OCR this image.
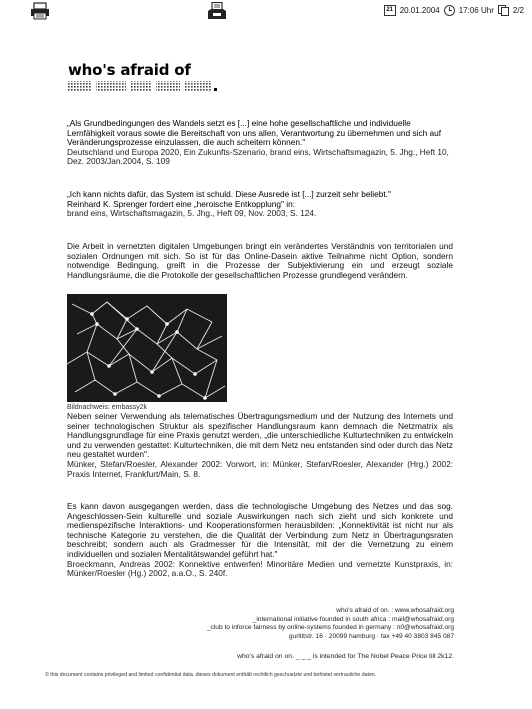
21 20.01.2004 17:06 Uhr 2/2
who's afraid of

„Als Grundbedingungen des Wandels setzt es [...] eine hohe gesellschaftliche und individuelle Lernfähigkeit voraus sowie die Bereitschaft von uns allen, Verantwortung zu übernehmen und sich auf Veränderungsprozesse einzulassen, die auch scheitern können."

Deutschland und Europa 2020, Ein Zukunfts-Szenario, brand eins, Wirtschaftsmagazin, 5. Jhg., Heft 10, Dez. 2003/Jan.2004, S. 109

„Ich kann nichts dafür, das System ist schuld. Diese Ausrede ist [...] zurzeit sehr beliebt."

Reinhard K. Sprenger fordert eine „heroische Entkopplung" in:

brand eins, Wirtschaftsmagazin, 5. Jhg., Heft 09, Nov. 2003, S. 124.

Die Arbeit in vernetzten digitalen Umgebungen bringt ein verändertes Verständnis von territorialen und sozialen Ordnungen mit sich. So ist für das Online-Dasein aktive Teilnahme nicht Option, sondern notwendige Bedingung, greift in die Prozesse der Subjektivierung ein und erzeugt soziale Handlungsräume, die die Protokolle der gesellschaftlichen Prozesse grundlegend verändern.

Bildnachweis: embassy2k

Neben seiner Verwendung als telematisches Übertragungsmedium und der Nutzung des Internets und seiner technologischen Struktur als spezifischer Handlungsraum kann demnach die Netzmatrix als Handlungsgrundlage für eine Praxis genutzt werden, „die unterschiedliche Kulturtechniken zu entwickeln und zu verwenden gestattet: Kulturtechniken, die mit dem Netz neu entstanden sind oder durch das Netz neu gestaltet wurden".

Münker, Stefan/Roesler, Alexander 2002: Vorwort, in: Münker, Stefan/Roesler, Alexander (Hrg.) 2002: Praxis Internet, Frankfurt/Main, S. 8.

Es kann davon ausgegangen werden, dass die technologische Umgebung des Netzes und das sog. Angeschlossen-Sein kulturelle und soziale Auswirkungen nach sich zieht und sich konkrete und medienspezifische Interaktions- und Kooperationsformen herausbilden: „Konnektivität ist nicht nur als technische Kategorie zu verstehen, die die Qualität der Verbindung zum Netz in Übertragungsraten beschreibt; sondern auch als Gradmesser für die Intensität, mit der die Vernetzung zu einem individuellen und sozialen Mentalitätswandel geführt hat."

Broeckmann, Andreas 2002: Konnektive entwerfen! Minoritäre Medien und vernetzte Kunstpraxis, in: Münker/Roesler (Hg.) 2002, a.a.O., S. 240f.

who's afraid of on. : www.whosafraid.org

_international initiative founded in south africa : mail@whosafraid.org

_club to inforce fairness by online-systems founded in germany : n0@whosafraid.org

gurlittstr. 16 · 20099 hamburg · fax +49 40 3803 845 087

who's afraid on on. _ _ _ is intended for The Nobel Peace Price till 2k12.
© this document contains privileged and limited confidential data. dieses dokument enthält rechtlich geschuetzte und befristet vertrauliche daten.
